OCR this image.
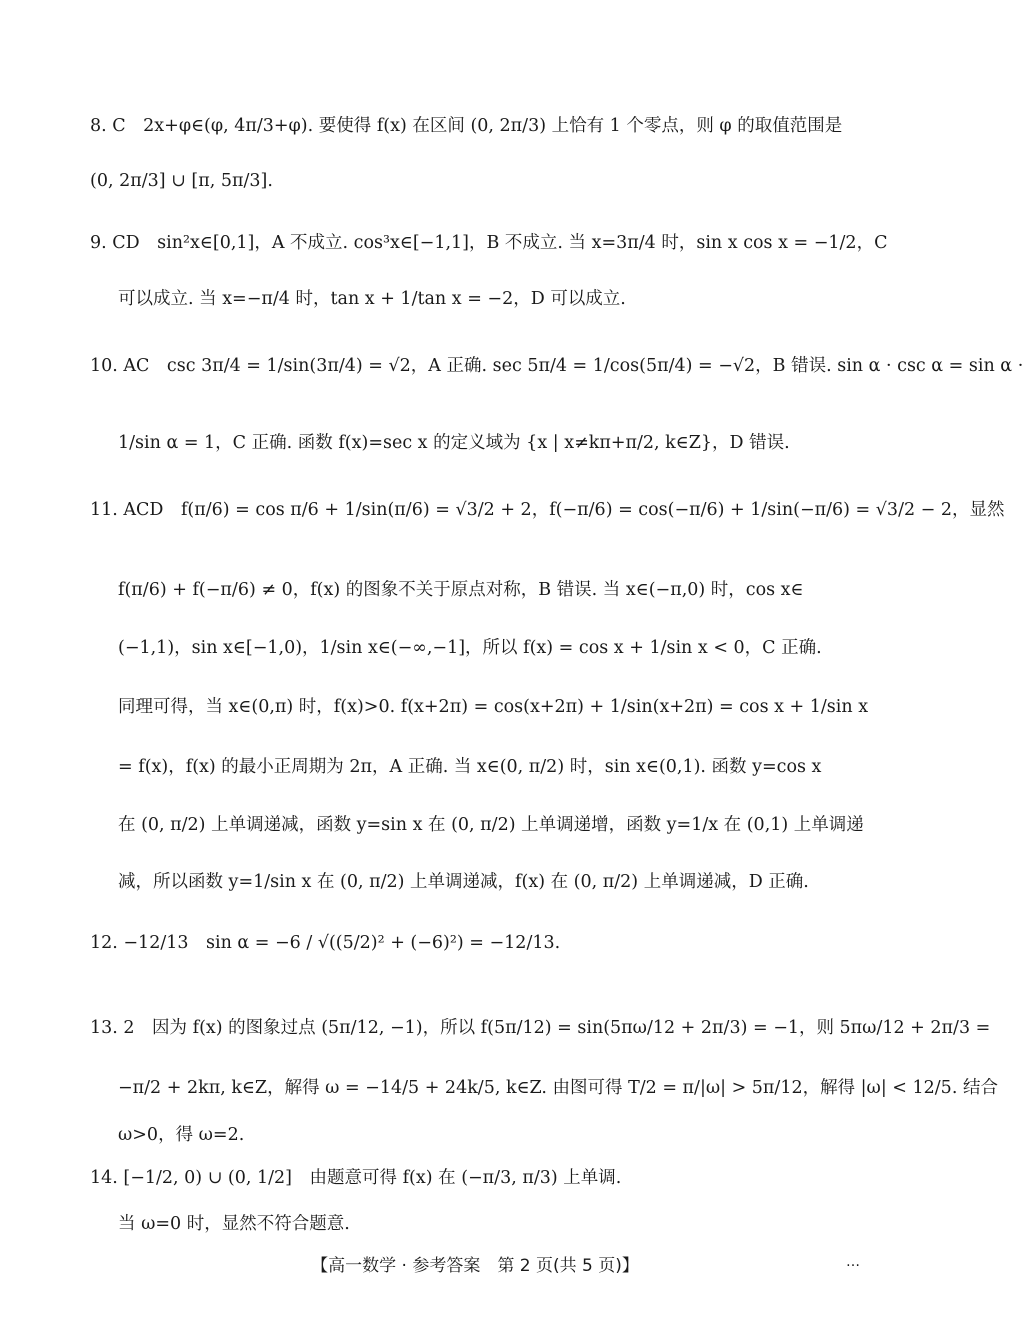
8. C　2x+φ∈(φ, 4π/3+φ). 要使得 f(x) 在区间 (0, 2π/3) 上恰有 1 个零点，则 φ 的取值范围是
(0, 2π/3] ∪ [π, 5π/3].
9. CD　sin²x∈[0,1]，A 不成立. cos³x∈[−1,1]，B 不成立. 当 x=3π/4 时，sin x cos x = −1/2，C
可以成立. 当 x=−π/4 时，tan x + 1/tan x = −2，D 可以成立.
10. AC　csc 3π/4 = 1/sin(3π/4) = √2，A 正确. sec 5π/4 = 1/cos(5π/4) = −√2，B 错误. sin α · csc α = sin α ·
1/sin α = 1，C 正确. 函数 f(x)=sec x 的定义域为 {x | x≠kπ+π/2, k∈Z}，D 错误.
11. ACD　f(π/6) = cos π/6 + 1/sin(π/6) = √3/2 + 2，f(−π/6) = cos(−π/6) + 1/sin(−π/6) = √3/2 − 2，显然
f(π/6) + f(−π/6) ≠ 0，f(x) 的图象不关于原点对称，B 错误. 当 x∈(−π,0) 时，cos x∈
(−1,1)，sin x∈[−1,0)，1/sin x∈(−∞,−1]，所以 f(x) = cos x + 1/sin x < 0，C 正确.
同理可得，当 x∈(0,π) 时，f(x)>0. f(x+2π) = cos(x+2π) + 1/sin(x+2π) = cos x + 1/sin x
= f(x)，f(x) 的最小正周期为 2π，A 正确. 当 x∈(0, π/2) 时，sin x∈(0,1). 函数 y=cos x
在 (0, π/2) 上单调递减，函数 y=sin x 在 (0, π/2) 上单调递增，函数 y=1/x 在 (0,1) 上单调递
减，所以函数 y=1/sin x 在 (0, π/2) 上单调递减，f(x) 在 (0, π/2) 上单调递减，D 正确.
12. −12/13　sin α = −6 / √((5/2)² + (−6)²) = −12/13.
13. 2　因为 f(x) 的图象过点 (5π/12, −1)，所以 f(5π/12) = sin(5πω/12 + 2π/3) = −1，则 5πω/12 + 2π/3 =
−π/2 + 2kπ, k∈Z，解得 ω = −14/5 + 24k/5, k∈Z. 由图可得 T/2 = π/|ω| > 5π/12，解得 |ω| < 12/5. 结合
ω>0，得 ω=2.
14. [−1/2, 0) ∪ (0, 1/2]　由题意可得 f(x) 在 (−π/3, π/3) 上单调.
当 ω=0 时，显然不符合题意.
【高一数学 · 参考答案　第 2 页(共 5 页)】	…
